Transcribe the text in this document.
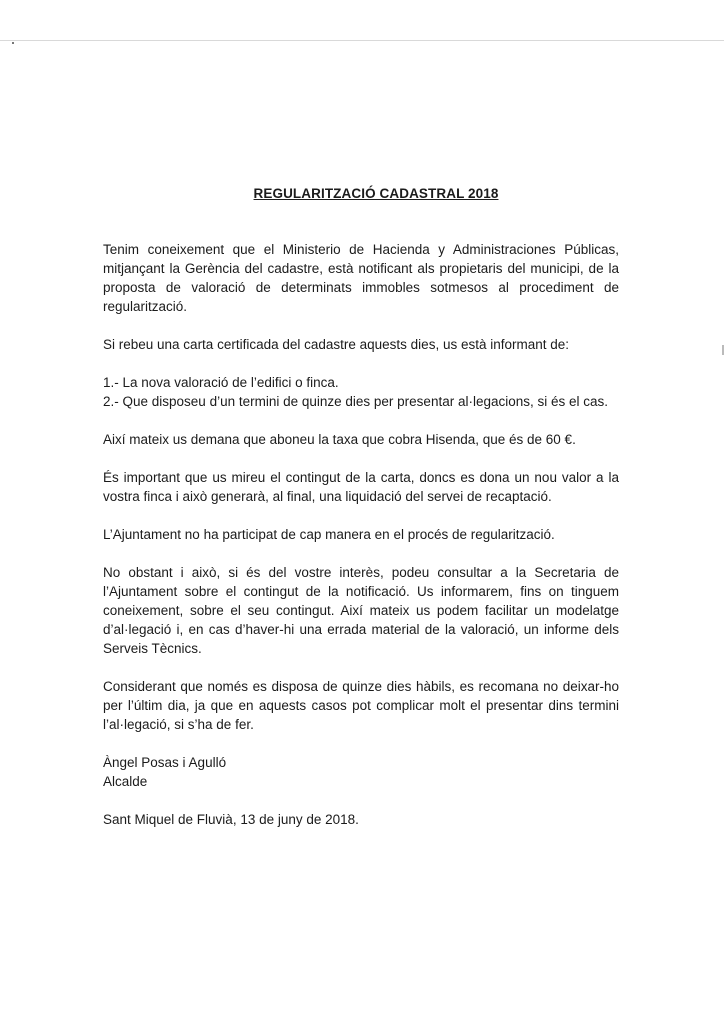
REGULARITZACIÓ CADASTRAL 2018

Tenim coneixement que el Ministerio de Hacienda y Administraciones Públicas, mitjançant la Gerència del cadastre, està notificant als propietaris del municipi, de la proposta de valoració de determinats immobles sotmesos al procediment de regularització.

Si rebeu una carta certificada del cadastre aquests dies, us està informant de:

1.- La nova valoració de l’edifici o finca.
2.- Que disposeu d’un termini de quinze dies per presentar al·legacions, si és el cas.

Així mateix us demana que aboneu la taxa que cobra Hisenda, que és de 60 €.

És important que us mireu el contingut de la carta, doncs es dona un nou valor a la vostra finca i això generarà, al final, una liquidació del servei de recaptació.

L’Ajuntament no ha participat de cap manera en el procés de regularització.

No obstant i això, si és del vostre interès, podeu consultar a la Secretaria de l’Ajuntament sobre el contingut de la notificació. Us informarem, fins on tinguem coneixement, sobre el seu contingut. Així mateix us podem facilitar un modelatge d’al·legació i, en cas d’haver-hi una errada material de la valoració, un informe dels Serveis Tècnics.

Considerant que només es disposa de quinze dies hàbils, es recomana no deixar-ho per l’últim dia, ja que en aquests casos pot complicar molt el presentar dins termini l’al·legació, si s’ha de fer.

Àngel Posas i Agulló
Alcalde

Sant Miquel de Fluvià, 13 de juny de 2018.
